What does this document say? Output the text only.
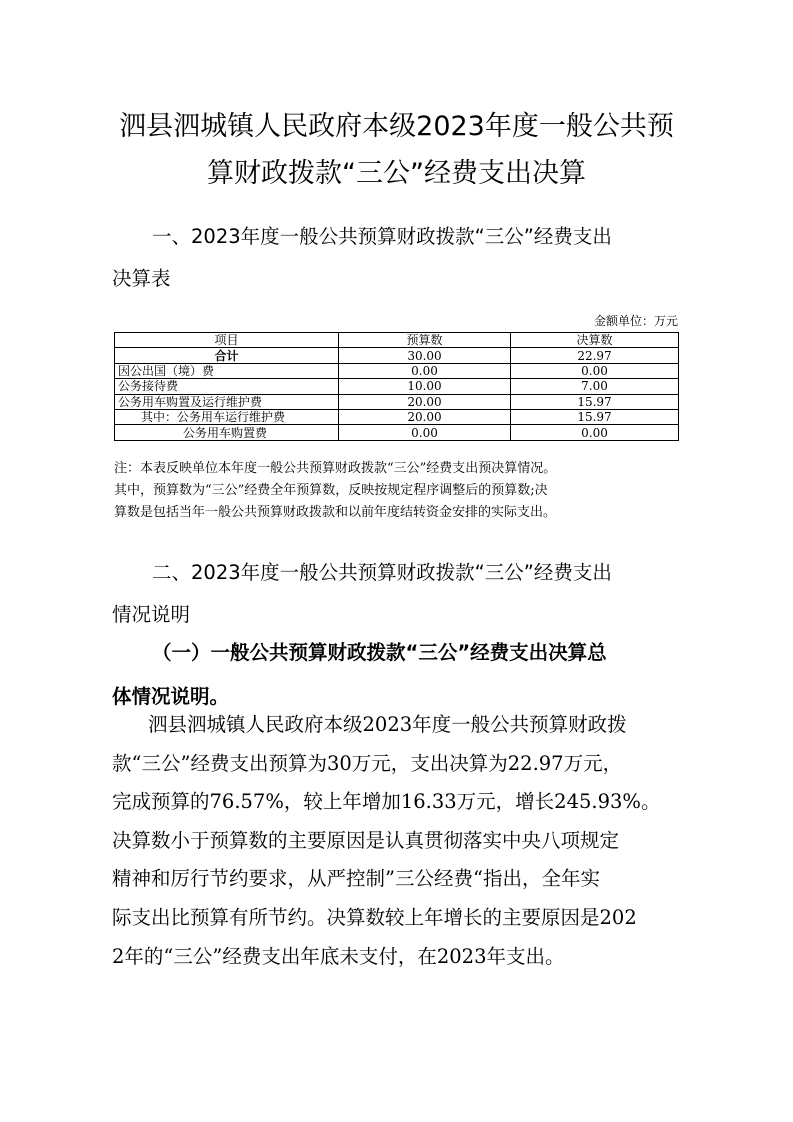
泗县泗城镇人民政府本级2023年度一般公共预
算财政拨款“三公”经费支出决算
一、2023年度一般公共预算财政拨款“三公”经费支出
决算表
金额单位：万元
项目	预算数	决算数
合计	30.00	22.97
因公出国（境）费	0.00	0.00
公务接待费	10.00	7.00
公务用车购置及运行维护费	20.00	15.97
其中：公务用车运行维护费	20.00	15.97
公务用车购置费	0.00	0.00

注：本表反映单位本年度一般公共预算财政拨款“三公”经费支出预决算情况。
其中，预算数为“三公”经费全年预算数，反映按规定程序调整后的预算数;决
算数是包括当年一般公共预算财政拨款和以前年度结转资金安排的实际支出。

二、2023年度一般公共预算财政拨款“三公”经费支出
情况说明
（一）一般公共预算财政拨款“三公”经费支出决算总
体情况说明。

泗县泗城镇人民政府本级2023年度一般公共预算财政拨
款“三公”经费支出预算为30万元，支出决算为22.97万元，
完成预算的76.57%，较上年增加16.33万元，增长245.93%。
决算数小于预算数的主要原因是认真贯彻落实中央八项规定
精神和厉行节约要求，从严控制”三公经费“指出，全年实
际支出比预算有所节约。决算数较上年增长的主要原因是202
2年的“三公”经费支出年底未支付，在2023年支出。
